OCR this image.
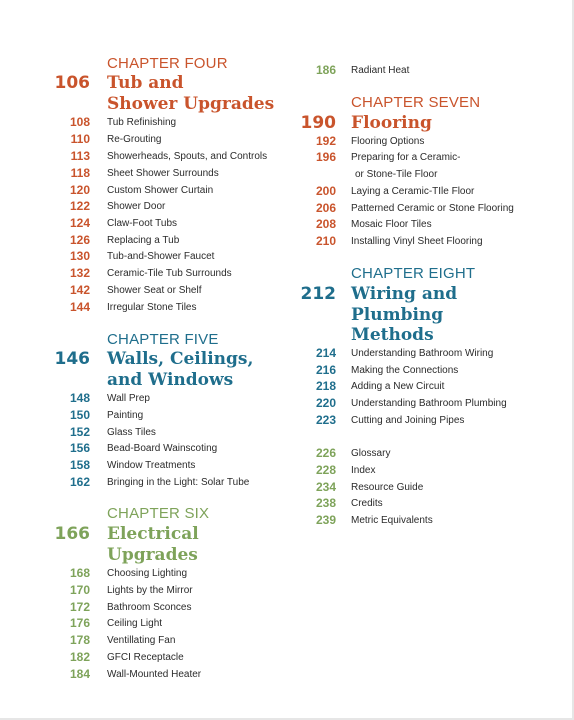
CHAPTER FOUR
106 Tub and
Shower Upgrades
108 Tub Refinishing
110 Re-Grouting
113 Showerheads, Spouts, and Controls
118 Sheet Shower Surrounds
120 Custom Shower Curtain
122 Shower Door
124 Claw-Foot Tubs
126 Replacing a Tub
130 Tub-and-Shower Faucet
132 Ceramic-Tile Tub Surrounds
142 Shower Seat or Shelf
144 Irregular Stone Tiles
CHAPTER FIVE
146 Walls, Ceilings,
and Windows
148 Wall Prep
150 Painting
152 Glass Tiles
156 Bead-Board Wainscoting
158 Window Treatments
162 Bringing in the Light: Solar Tube
CHAPTER SIX
166 Electrical
Upgrades
168 Choosing Lighting
170 Lights by the Mirror
172 Bathroom Sconces
176 Ceiling Light
178 Ventillating Fan
182 GFCI Receptacle
184 Wall-Mounted Heater
186 Radiant Heat
CHAPTER SEVEN
190 Flooring
192 Flooring Options
196 Preparing for a Ceramic-
or Stone-Tile Floor
200 Laying a Ceramic-TIle Floor
206 Patterned Ceramic or Stone Flooring
208 Mosaic Floor Tiles
210 Installing Vinyl Sheet Flooring
CHAPTER EIGHT
212 Wiring and
Plumbing
Methods
214 Understanding Bathroom Wiring
216 Making the Connections
218 Adding a New Circuit
220 Understanding Bathroom Plumbing
223 Cutting and Joining Pipes
226 Glossary
228 Index
234 Resource Guide
238 Credits
239 Metric Equivalents
